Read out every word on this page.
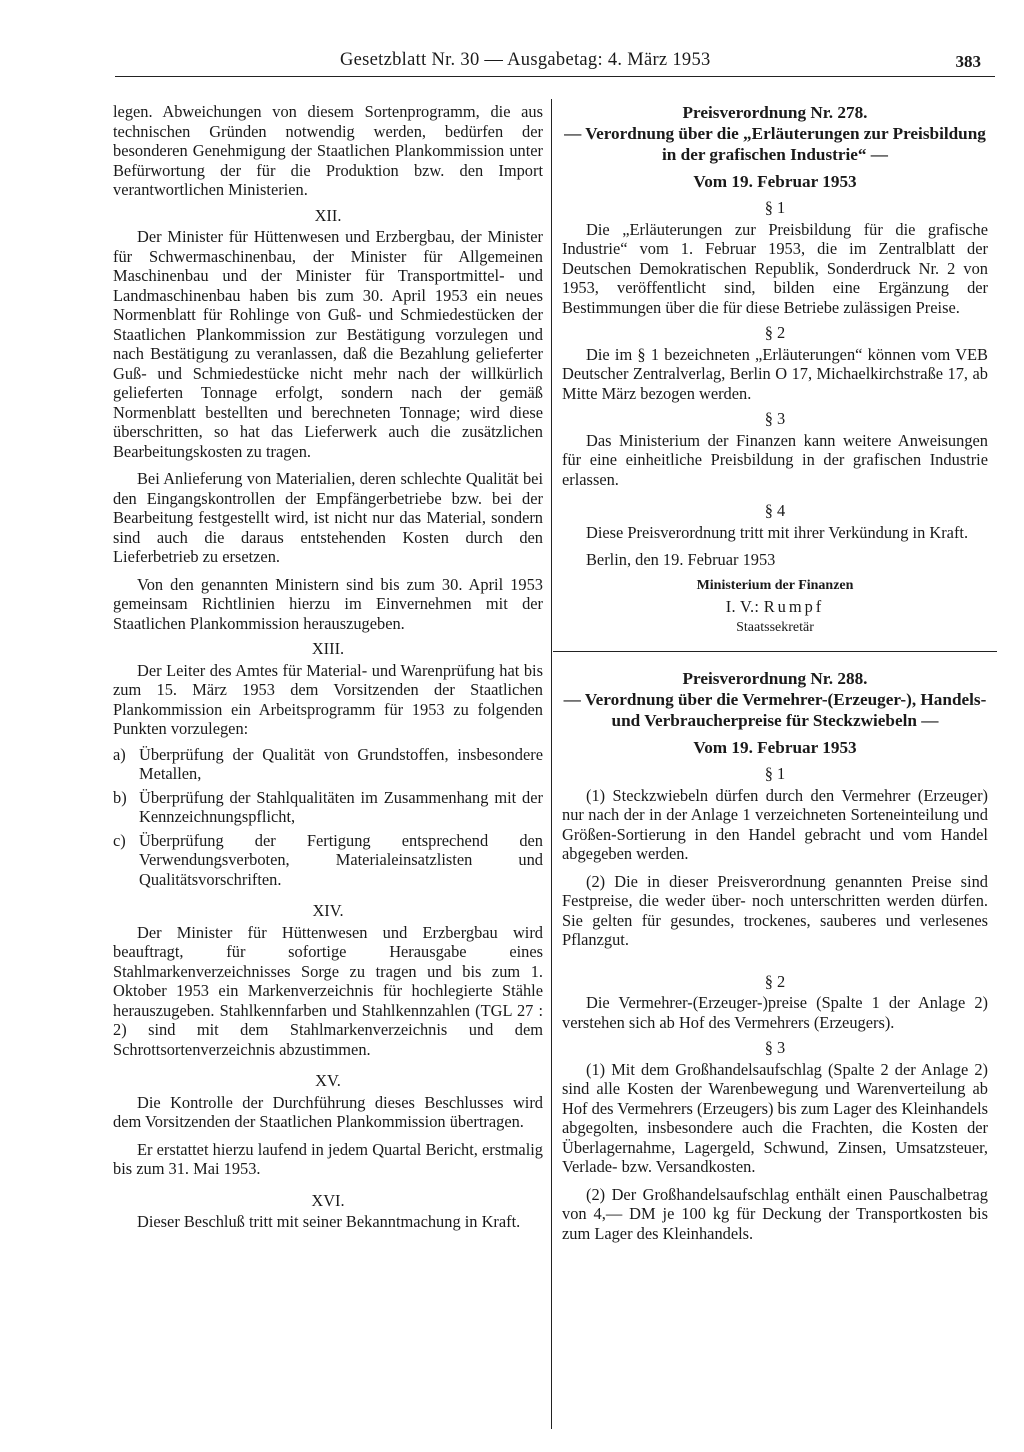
Gesetzblatt Nr. 30 — Ausgabetag: 4. März 1953	383

legen. Abweichungen von diesem Sortenprogramm, die aus technischen Gründen notwendig werden, bedürfen der besonderen Genehmigung der Staatlichen Plankommission unter Befürwortung der für die Produktion bzw. den Import verantwortlichen Ministerien.

XII.

Der Minister für Hüttenwesen und Erzbergbau, der Minister für Schwermaschinenbau, der Minister für Allgemeinen Maschinenbau und der Minister für Transportmittel- und Landmaschinenbau haben bis zum 30. April 1953 ein neues Normenblatt für Rohlinge von Guß- und Schmiedestücken der Staatlichen Plankommission zur Bestätigung vorzulegen und nach Bestätigung zu veranlassen, daß die Bezahlung gelieferter Guß- und Schmiedestücke nicht mehr nach der willkürlich gelieferten Tonnage erfolgt, sondern nach der gemäß Normenblatt bestellten und berechneten Tonnage; wird diese überschritten, so hat das Lieferwerk auch die zusätzlichen Bearbeitungskosten zu tragen.

Bei Anlieferung von Materialien, deren schlechte Qualität bei den Eingangskontrollen der Empfängerbetriebe bzw. bei der Bearbeitung festgestellt wird, ist nicht nur das Material, sondern sind auch die daraus entstehenden Kosten durch den Lieferbetrieb zu ersetzen.

Von den genannten Ministern sind bis zum 30. April 1953 gemeinsam Richtlinien hierzu im Einvernehmen mit der Staatlichen Plankommission herauszugeben.

XIII.

Der Leiter des Amtes für Material- und Warenprüfung hat bis zum 15. März 1953 dem Vorsitzenden der Staatlichen Plankommission ein Arbeitsprogramm für 1953 zu folgenden Punkten vorzulegen:

a) Überprüfung der Qualität von Grundstoffen, insbesondere Metallen,
b) Überprüfung der Stahlqualitäten im Zusammenhang mit der Kennzeichnungspflicht,
c) Überprüfung der Fertigung entsprechend den Verwendungsverboten, Materialeinsatzlisten und Qualitätsvorschriften.
XIV.

Der Minister für Hüttenwesen und Erzbergbau wird beauftragt, für sofortige Herausgabe eines Stahlmarkenverzeichnisses Sorge zu tragen und bis zum 1. Oktober 1953 ein Markenverzeichnis für hochlegierte Stähle herauszugeben. Stahlkennfarben und Stahlkennzahlen (TGL 27 : 2) sind mit dem Stahlmarkenverzeichnis und dem Schrottsortenverzeichnis abzustimmen.

XV.

Die Kontrolle der Durchführung dieses Beschlusses wird dem Vorsitzenden der Staatlichen Plankommission übertragen.

Er erstattet hierzu laufend in jedem Quartal Bericht, erstmalig bis zum 31. Mai 1953.

XVI.

Dieser Beschluß tritt mit seiner Bekanntmachung in Kraft.

Preisverordnung Nr. 278.
— Verordnung über die „Erläuterungen zur Preisbildung in der grafischen Industrie“ —
Vom 19. Februar 1953
§ 1

Die „Erläuterungen zur Preisbildung für die grafische Industrie“ vom 1. Februar 1953, die im Zentralblatt der Deutschen Demokratischen Republik, Sonderdruck Nr. 2 von 1953, veröffentlicht sind, bilden eine Ergänzung der Bestimmungen über die für diese Betriebe zulässigen Preise.

§ 2

Die im § 1 bezeichneten „Erläuterungen“ können vom VEB Deutscher Zentralverlag, Berlin O 17, Michaelkirchstraße 17, ab Mitte März bezogen werden.

§ 3

Das Ministerium der Finanzen kann weitere Anweisungen für eine einheitliche Preisbildung in der grafischen Industrie erlassen.

§ 4

Diese Preisverordnung tritt mit ihrer Verkündung in Kraft.

Berlin, den 19. Februar 1953

Ministerium der Finanzen
I. V.: Rumpf
Staatssekretär
Preisverordnung Nr. 288.
— Verordnung über die Vermehrer-(Erzeuger-), Handels- und Verbraucherpreise für Steckzwiebeln —
Vom 19. Februar 1953
§ 1

(1) Steckzwiebeln dürfen durch den Vermehrer (Erzeuger) nur nach der in der Anlage 1 verzeichneten Sorteneinteilung und Größen-Sortierung in den Handel gebracht und vom Handel abgegeben werden.

(2) Die in dieser Preisverordnung genannten Preise sind Festpreise, die weder über- noch unterschritten werden dürfen. Sie gelten für gesundes, trockenes, sauberes und verlesenes Pflanzgut.

§ 2

Die Vermehrer-(Erzeuger-)preise (Spalte 1 der Anlage 2) verstehen sich ab Hof des Vermehrers (Erzeugers).

§ 3

(1) Mit dem Großhandelsaufschlag (Spalte 2 der Anlage 2) sind alle Kosten der Warenbewegung und Warenverteilung ab Hof des Vermehrers (Erzeugers) bis zum Lager des Kleinhandels abgegolten, insbesondere auch die Frachten, die Kosten der Überlagernahme, Lagergeld, Schwund, Zinsen, Umsatzsteuer, Verlade- bzw. Versandkosten.

(2) Der Großhandelsaufschlag enthält einen Pauschalbetrag von 4,— DM je 100 kg für Deckung der Transportkosten bis zum Lager des Kleinhandels.
